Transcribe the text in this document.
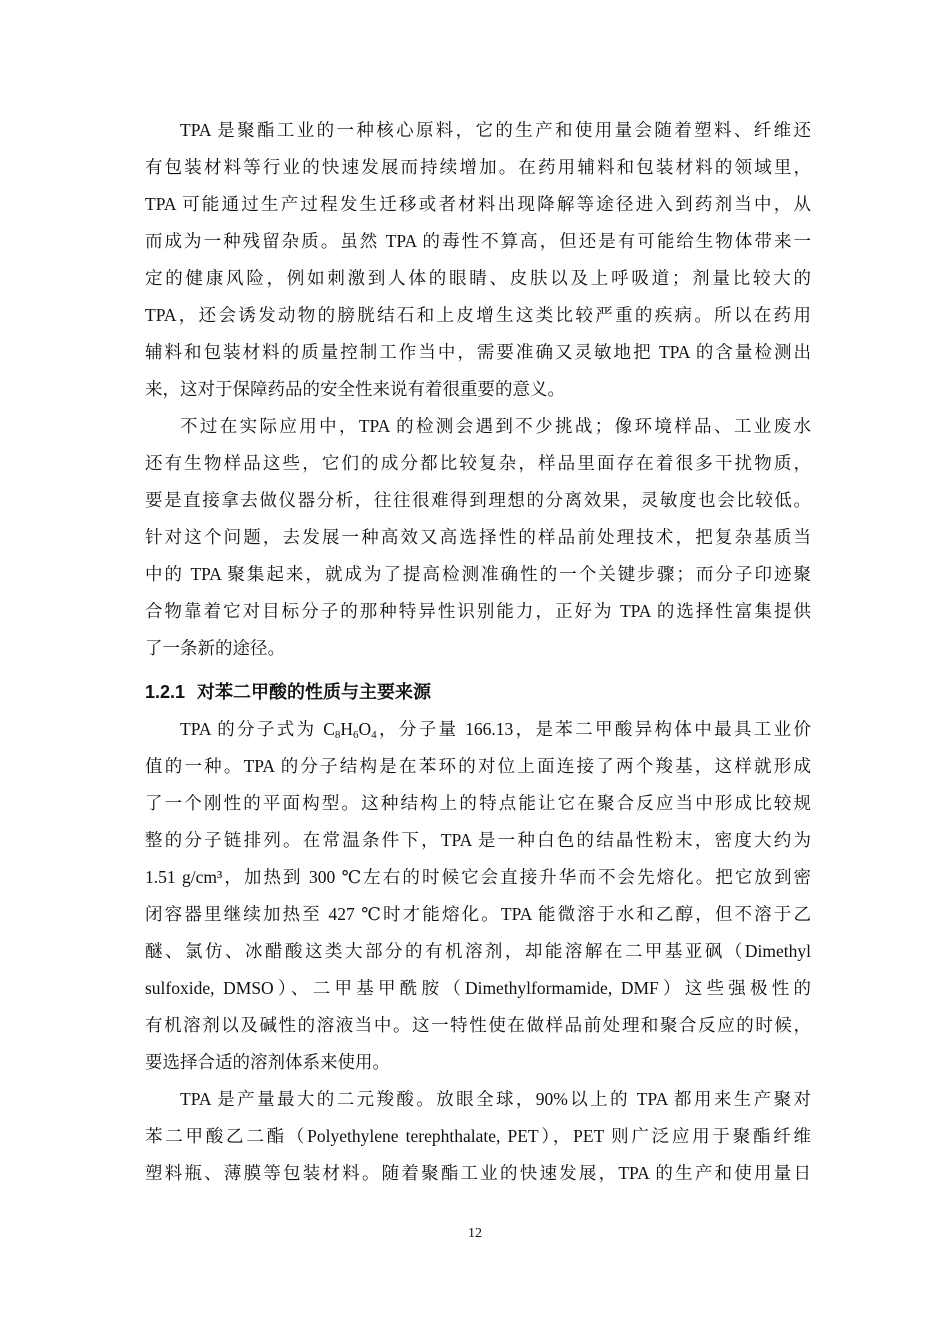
TPA 是聚酯工业的一种核心原料，它的生产和使用量会随着塑料、纤维还
有包装材料等行业的快速发展而持续增加。在药用辅料和包装材料的领域里，
TPA 可能通过生产过程发生迁移或者材料出现降解等途径进入到药剂当中，从
而成为一种残留杂质。虽然 TPA 的毒性不算高，但还是有可能给生物体带来一
定的健康风险，例如刺激到人体的眼睛、皮肤以及上呼吸道；剂量比较大的
TPA，还会诱发动物的膀胱结石和上皮增生这类比较严重的疾病。所以在药用
辅料和包装材料的质量控制工作当中，需要准确又灵敏地把 TPA 的含量检测出
来，这对于保障药品的安全性来说有着很重要的意义。
不过在实际应用中，TPA 的检测会遇到不少挑战；像环境样品、工业废水
还有生物样品这些，它们的成分都比较复杂，样品里面存在着很多干扰物质，
要是直接拿去做仪器分析，往往很难得到理想的分离效果，灵敏度也会比较低。
针对这个问题，去发展一种高效又高选择性的样品前处理技术，把复杂基质当
中的 TPA 聚集起来，就成为了提高检测准确性的一个关键步骤；而分子印迹聚
合物靠着它对目标分子的那种特异性识别能力，正好为 TPA 的选择性富集提供
了一条新的途径。
1.2.1 对苯二甲酸的性质与主要来源
TPA 的分子式为 $C_8H_6O_4$，分子量 166.13，是苯二甲酸异构体中最具工业价
值的一种。TPA 的分子结构是在苯环的对位上面连接了两个羧基，这样就形成
了一个刚性的平面构型。这种结构上的特点能让它在聚合反应当中形成比较规
整的分子链排列。在常温条件下，TPA 是一种白色的结晶性粉末，密度大约为
1.51 g/cm³，加热到 300 ℃左右的时候它会直接升华而不会先熔化。把它放到密
闭容器里继续加热至 427 ℃时才能熔化。TPA 能微溶于水和乙醇，但不溶于乙
醚、氯仿、冰醋酸这类大部分的有机溶剂，却能溶解在二甲基亚砜（Dimethyl
sulfoxide, DMSO）、二甲基甲酰胺（Dimethylformamide, DMF）这些强极性的
有机溶剂以及碱性的溶液当中。这一特性使在做样品前处理和聚合反应的时候，
要选择合适的溶剂体系来使用。
TPA 是产量最大的二元羧酸。放眼全球，90%以上的 TPA 都用来生产聚对
苯二甲酸乙二酯（Polyethylene terephthalate, PET），PET 则广泛应用于聚酯纤维
塑料瓶、薄膜等包装材料。随着聚酯工业的快速发展，TPA 的生产和使用量日
12
